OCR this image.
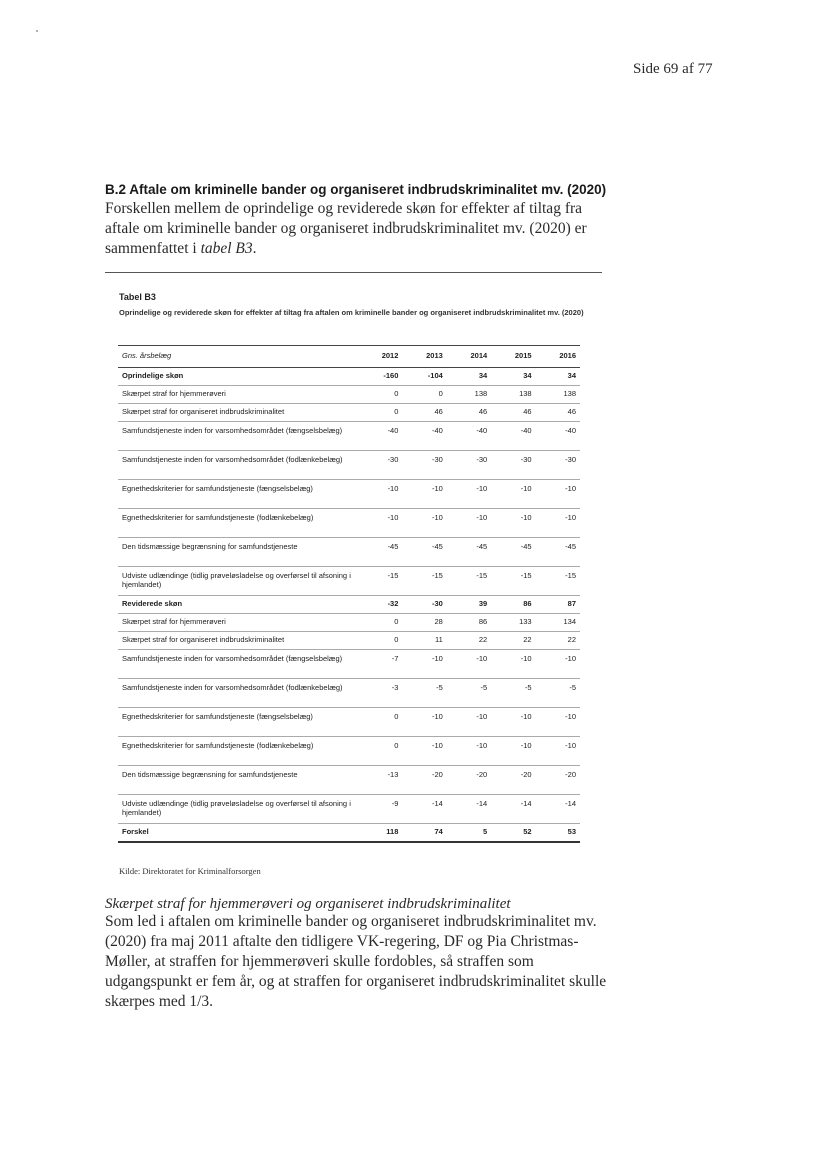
Side 69 af 77
B.2 Aftale om kriminelle bander og organiseret indbrudskriminalitet mv. (2020)
Forskellen mellem de oprindelige og reviderede skøn for effekter af tiltag fra aftale om kriminelle bander og organiseret indbrudskriminalitet mv. (2020) er sammenfattet i tabel B3.
Tabel B3
Oprindelige og reviderede skøn for effekter af tiltag fra aftalen om kriminelle bander og organiseret indbrudskriminalitet mv. (2020)
Gns. årsbelæg	2012	2013	2014	2015	2016
Oprindelige skøn	-160	-104	34	34	34
Skærpet straf for hjemmerøveri	0	0	138	138	138
Skærpet straf for organiseret indbrudskriminalitet	0	46	46	46	46
Samfundstjeneste inden for varsomhedsområdet (fængselsbelæg)	-40	-40	-40	-40	-40
Samfundstjeneste inden for varsomhedsområdet (fodlænkebelæg)	-30	-30	-30	-30	-30
Egnethedskriterier for samfundstjeneste (fængselsbelæg)	-10	-10	-10	-10	-10
Egnethedskriterier for samfundstjeneste (fodlænkebelæg)	-10	-10	-10	-10	-10
Den tidsmæssige begrænsning for samfundstjeneste	-45	-45	-45	-45	-45
Udviste udlændinge (tidlig prøveløsladelse og overførsel til afsoning i hjemlandet)	-15	-15	-15	-15	-15
Reviderede skøn	-32	-30	39	86	87
Skærpet straf for hjemmerøveri	0	28	86	133	134
Skærpet straf for organiseret indbrudskriminalitet	0	11	22	22	22
Samfundstjeneste inden for varsomhedsområdet (fængselsbelæg)	-7	-10	-10	-10	-10
Samfundstjeneste inden for varsomhedsområdet (fodlænkebelæg)	-3	-5	-5	-5	-5
Egnethedskriterier for samfundstjeneste (fængselsbelæg)	0	-10	-10	-10	-10
Egnethedskriterier for samfundstjeneste (fodlænkebelæg)	0	-10	-10	-10	-10
Den tidsmæssige begrænsning for samfundstjeneste	-13	-20	-20	-20	-20
Udviste udlændinge (tidlig prøveløsladelse og overførsel til afsoning i hjemlandet)	-9	-14	-14	-14	-14
Forskel	118	74	5	52	53
Kilde: Direktoratet for Kriminalforsorgen
Skærpet straf for hjemmerøveri og organiseret indbrudskriminalitet
Som led i aftalen om kriminelle bander og organiseret indbrudskriminalitet mv. (2020) fra maj 2011 aftalte den tidligere VK-regering, DF og Pia Christmas-Møller, at straffen for hjemmerøveri skulle fordobles, så straffen som udgangspunkt er fem år, og at straffen for organiseret indbrudskriminalitet skulle skærpes med 1/3.
